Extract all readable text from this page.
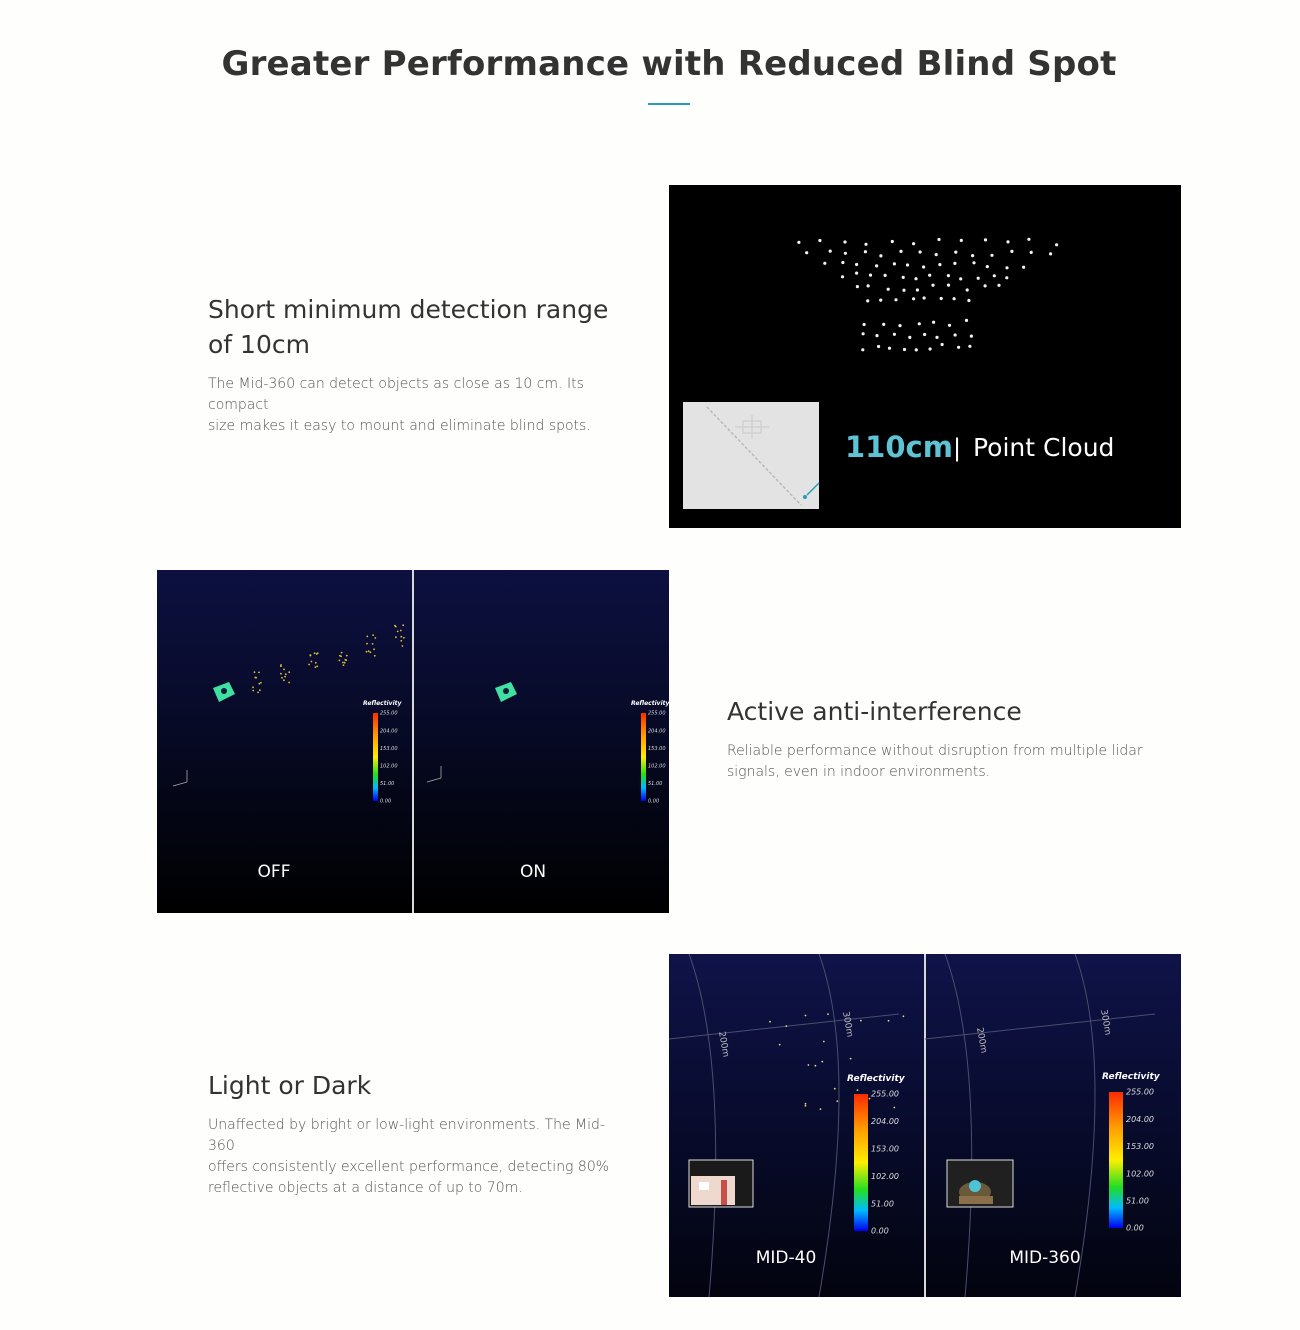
Greater Performance with Reduced Blind Spot
Short minimum detection range
of 10cm

The Mid-360 can detect objects as close as 10 cm. Its compact
size makes it easy to mount and eliminate blind spots.

110cm | Point Cloud
Reflectivity
255.00
204.00
153.00
102.00
51.00
0.00
Reflectivity
255.00
204.00
153.00
102.00
51.00
0.00
OFF	ON
Active anti-interference

Reliable performance without disruption from multiple lidar
signals, even in indoor environments.

Light or Dark

Unaffected by bright or low-light environments. The Mid-360
offers consistently excellent performance, detecting 80%
reflective objects at a distance of up to 70m.

200m
300m
200m
300m
Reflectivity
255.00
204.00
153.00
102.00
51.00
0.00
Reflectivity
255.00
204.00
153.00
102.00
51.00
0.00
MID-40	MID-360
